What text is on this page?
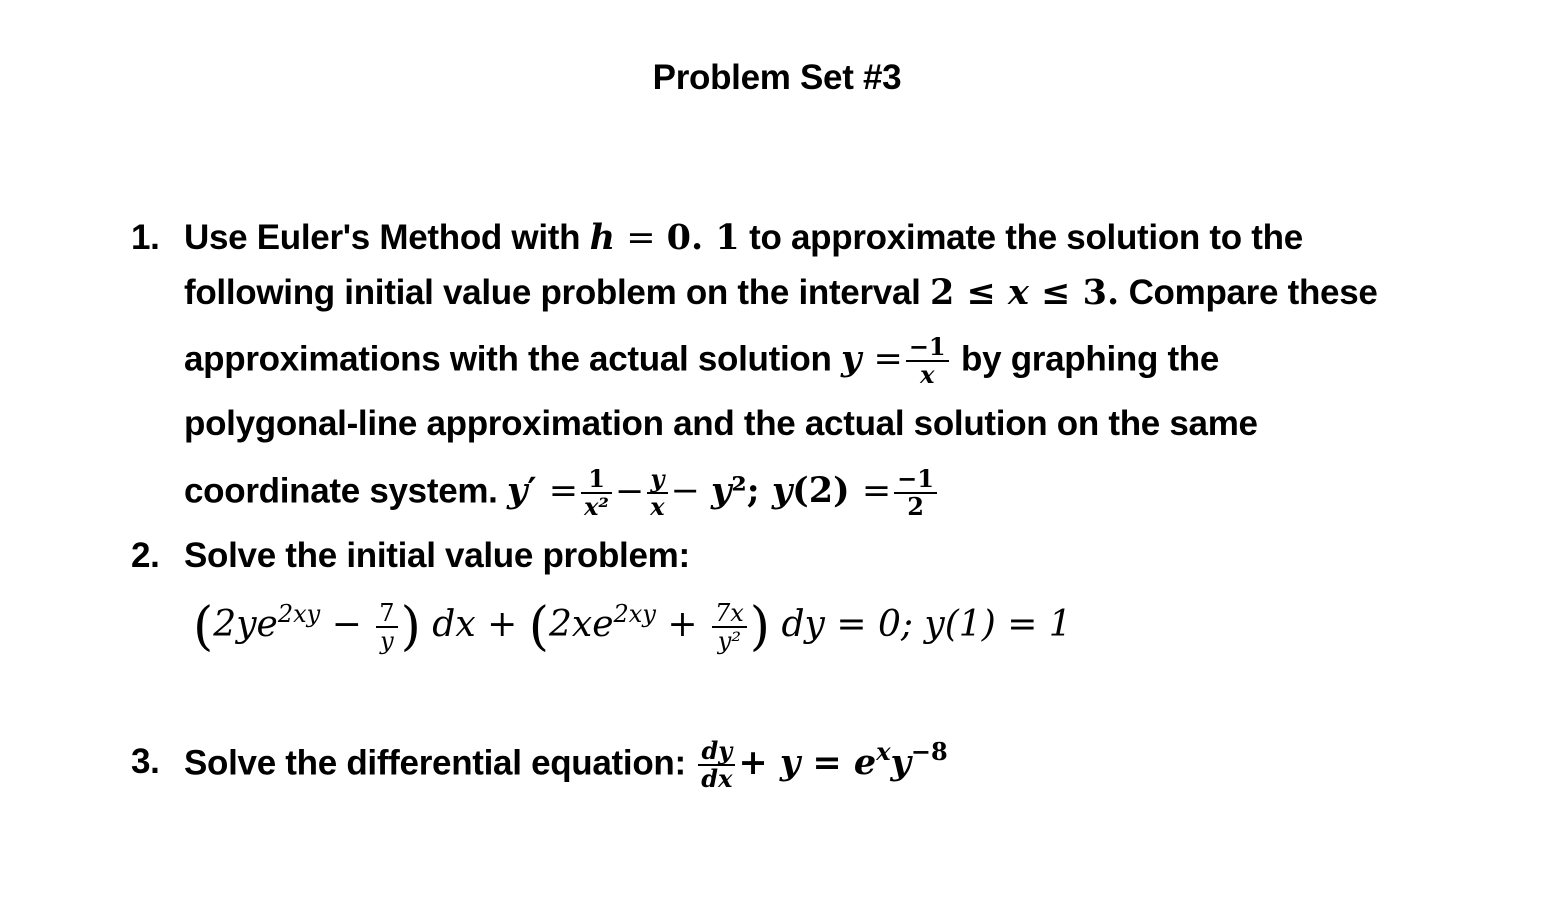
Problem Set #3
1. Use Euler's Method with h = 0. 1 to approximate the solution to the
following initial value problem on the interval 2 ≤ x ≤ 3. Compare these
approximations with the actual solution $y = \frac{-1}{x}$ by graphing the
polygonal-line approximation and the actual solution on the same
coordinate system. $y' = \frac{1}{\text{x²}} - \frac{y}{x} - y^2$; $y(2) = \frac{-1}{2}$
2. Solve the initial value problem:
($2ye^{2xy} - \frac{7}{y}$ ) dx + ($2xe^{2xy} + \frac{7x}{\text{y²}}$ ) dy = 0; y(1) = 1
3. Solve the differential equation: $\frac{dy}{dx} + y = e^xy^{-8}$
